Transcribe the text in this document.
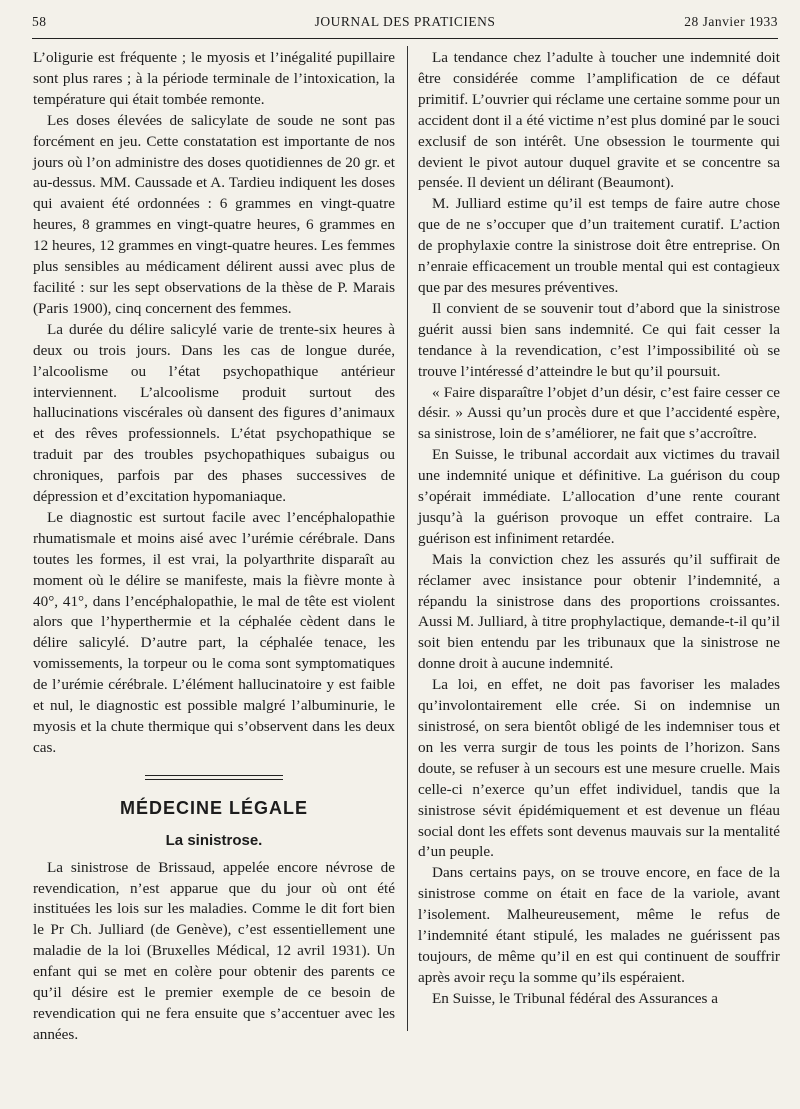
58	JOURNAL DES PRATICIENS	28 Janvier 1933

L’oligurie est fréquente ; le myosis et l’inégalité pupillaire sont plus rares ; à la période terminale de l’intoxication, la température qui était tombée remonte.

Les doses élevées de salicylate de soude ne sont pas forcément en jeu. Cette constatation est importante de nos jours où l’on administre des doses quotidiennes de 20 gr. et au-dessus. MM. Caussade et A. Tardieu indiquent les doses qui avaient été ordonnées : 6 grammes en vingt-quatre heures, 8 grammes en vingt-quatre heures, 6 grammes en 12 heures, 12 grammes en vingt-quatre heures. Les femmes plus sensibles au médicament délirent aussi avec plus de facilité : sur les sept observations de la thèse de P. Marais (Paris 1900), cinq concernent des femmes.

La durée du délire salicylé varie de trente-six heures à deux ou trois jours. Dans les cas de longue durée, l’alcoolisme ou l’état psychopathique antérieur interviennent. L’alcoolisme produit surtout des hallucinations viscérales où dansent des figures d’animaux et des rêves professionnels. L’état psychopathique se traduit par des troubles psychopathiques subaigus ou chroniques, parfois par des phases successives de dépression et d’excitation hypomaniaque.

Le diagnostic est surtout facile avec l’encéphalopathie rhumatismale et moins aisé avec l’urémie cérébrale. Dans toutes les formes, il est vrai, la polyarthrite disparaît au moment où le délire se manifeste, mais la fièvre monte à 40°, 41°, dans l’encéphalopathie, le mal de tête est violent alors que l’hyperthermie et la céphalée cèdent dans le délire salicylé. D’autre part, la céphalée tenace, les vomissements, la torpeur ou le coma sont symptomatiques de l’urémie cérébrale. L’élément hallucinatoire y est faible et nul, le diagnostic est possible malgré l’albuminurie, le myosis et la chute thermique qui s’observent dans les deux cas.

MÉDECINE LÉGALE
La sinistrose.

La sinistrose de Brissaud, appelée encore névrose de revendication, n’est apparue que du jour où ont été instituées les lois sur les maladies. Comme le dit fort bien le Pr Ch. Julliard (de Genève), c’est essentiellement une maladie de la loi (Bruxelles Médical, 12 avril 1931). Un enfant qui se met en colère pour obtenir des parents ce qu’il désire est le premier exemple de ce besoin de revendication qui ne fera ensuite que s’accentuer avec les années.

La tendance chez l’adulte à toucher une indemnité doit être considérée comme l’amplification de ce défaut primitif. L’ouvrier qui réclame une certaine somme pour un accident dont il a été victime n’est plus dominé par le souci exclusif de son intérêt. Une obsession le tourmente qui devient le pivot autour duquel gravite et se concentre sa pensée. Il devient un délirant (Beaumont).

M. Julliard estime qu’il est temps de faire autre chose que de ne s’occuper que d’un traitement curatif. L’action de prophylaxie contre la sinistrose doit être entreprise. On n’enraie efficacement un trouble mental qui est contagieux que par des mesures préventives.

Il convient de se souvenir tout d’abord que la sinistrose guérit aussi bien sans indemnité. Ce qui fait cesser la tendance à la revendication, c’est l’impossibilité où se trouve l’intéressé d’atteindre le but qu’il poursuit.

« Faire disparaître l’objet d’un désir, c’est faire cesser ce désir. » Aussi qu’un procès dure et que l’accidenté espère, sa sinistrose, loin de s’améliorer, ne fait que s’accroître.

En Suisse, le tribunal accordait aux victimes du travail une indemnité unique et définitive. La guérison du coup s’opérait immédiate. L’allocation d’une rente courant jusqu’à la guérison provoque un effet contraire. La guérison est infiniment retardée.

Mais la conviction chez les assurés qu’il suffirait de réclamer avec insistance pour obtenir l’indemnité, a répandu la sinistrose dans des proportions croissantes. Aussi M. Julliard, à titre prophylactique, demande-t-il qu’il soit bien entendu par les tribunaux que la sinistrose ne donne droit à aucune indemnité.

La loi, en effet, ne doit pas favoriser les malades qu’involontairement elle crée. Si on indemnise un sinistrosé, on sera bientôt obligé de les indemniser tous et on les verra surgir de tous les points de l’horizon. Sans doute, se refuser à un secours est une mesure cruelle. Mais celle-ci n’exerce qu’un effet individuel, tandis que la sinistrose sévit épidémiquement et est devenue un fléau social dont les effets sont devenus mauvais sur la mentalité d’un peuple.

Dans certains pays, on se trouve encore, en face de la sinistrose comme on était en face de la variole, avant l’isolement. Malheureusement, même le refus de l’indemnité étant stipulé, les malades ne guérissent pas toujours, de même qu’il en est qui continuent de souffrir après avoir reçu la somme qu’ils espéraient.

En Suisse, le Tribunal fédéral des Assurances a
